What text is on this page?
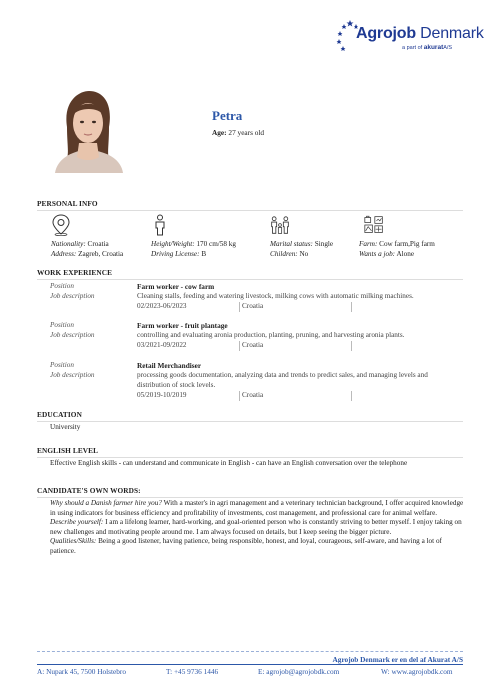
Agrojob Denmark
a part of akuratA/S
Petra
Age: 27 years old
PERSONAL INFO
Nationality: Croatia
Address: Zagreb, Croatia
Height/Weight: 170 cm/58 kg
Driving License: B
Marital status: Single
Children: No
Farm: Cow farm,Pig farm
Wants a job: Alone
WORK EXPERIENCE
Position
Job description
Farm worker - cow farm
Cleaning stalls, feeding and watering livestock, milking cows with automatic milking machines.
02/2023-06/2023	Croatia
Position
Job description
Farm worker - fruit plantage
controlling and evaluating aronia production, planting, pruning, and harvesting aronia plants.
03/2021-09/2022	Croatia
Position
Job description
Retail Merchandiser
processing goods documentation, analyzing data and trends to predict sales, and managing levels and distribution of stock levels.
05/2019-10/2019	Croatia
EDUCATION
University
ENGLISH LEVEL
Effective English skills - can understand and communicate in English - can have an English conversation over the telephone
CANDIDATE'S OWN WORDS:
Why should a Danish farmer hire you? With a master's in agri management and a veterinary technician background, I offer acquired knowledge in using indicators for business efficiency and profitability of investments, cost management, and professional care for animal welfare.
Describe yourself: I am a lifelong learner, hard-working, and goal-oriented person who is constantly striving to better myself. I enjoy taking on new challenges and motivating people around me. I am always focused on details, but I keep seeing the bigger picture.
Qualities/Skills: Being a good listener, having patience, being responsible, honest, and loyal, courageous, self-aware, and having a lot of patience.
Agrojob Denmark er en del af Akurat A/S
A: Nupark 45, 7500 Holstebro	T: +45 9736 1446	E: agrojob@agrojobdk.com	W: www.agrojobdk.com
